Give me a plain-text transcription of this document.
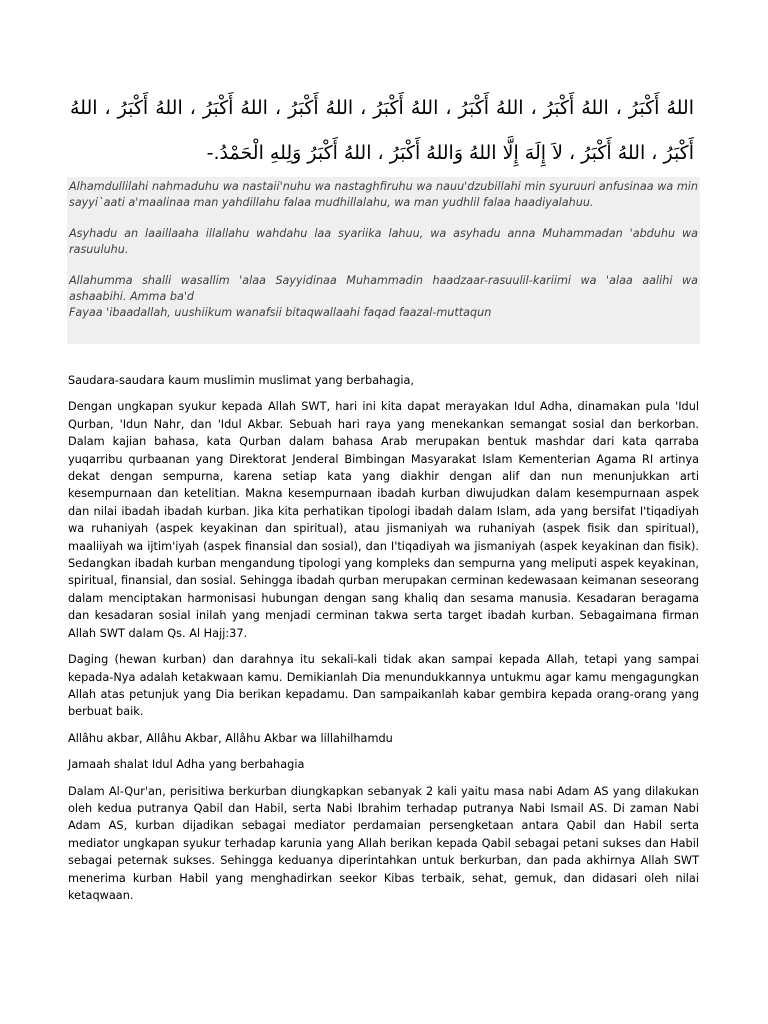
اللهُ أَكْبَرُ ، اللهُ أَكْبَرُ ، اللهُ أَكْبَرُ ، اللهُ أَكْبَرُ ، اللهُ أَكْبَرُ ، اللهُ أَكْبَرُ ، اللهُ أَكْبَرُ ، اللهُ أَكْبَرُ ، اللهُ أَكْبَرُ ، لاَ إِلَهَ إِلَّا اللهُ وَاللهُ أَكْبَرُ ، اللهُ أَكْبَرُ وَلِلهِ الْحَمْدُ.-

Alhamdullilahi nahmaduhu wa nastaii'nuhu wa nastaghfiruhu wa nauu'dzubillahi min syuruuri anfusinaa wa min sayyi`aati a'maalinaa man yahdillahu falaa mudhillalahu, wa man yudhlil falaa haadiyalahuu.

Asyhadu an laaillaaha illallahu wahdahu laa syariika lahuu, wa asyhadu anna Muhammadan 'abduhu wa rasuuluhu.

Allahumma shalli wasallim 'alaa Sayyidinaa Muhammadin haadzaar-rasuulil-kariimi wa 'alaa aalihi wa ashaabihi. Amma ba'd

Fayaa 'ibaadallah, uushiikum wanafsii bitaqwallaahi faqad faazal-muttaqun

Saudara-saudara kaum muslimin muslimat yang berbahagia,

Dengan ungkapan syukur kepada Allah SWT, hari ini kita dapat merayakan Idul Adha, dinamakan pula 'Idul Qurban, 'Idun Nahr, dan 'Idul Akbar. Sebuah hari raya yang menekankan semangat sosial dan berkorban. Dalam kajian bahasa, kata Qurban dalam bahasa Arab merupakan bentuk mashdar dari kata qarraba yuqarribu qurbaanan yang Direktorat Jenderal Bimbingan Masyarakat Islam Kementerian Agama RI artinya dekat dengan sempurna, karena setiap kata yang diakhir dengan alif dan nun menunjukkan arti kesempurnaan dan ketelitian. Makna kesempurnaan ibadah kurban diwujudkan dalam kesempurnaan aspek dan nilai ibadah ibadah kurban. Jika kita perhatikan tipologi ibadah dalam Islam, ada yang bersifat I'tiqadiyah wa ruhaniyah (aspek keyakinan dan spiritual), atau jismaniyah wa ruhaniyah (aspek fisik dan spiritual), maaliiyah wa ijtim'iyah (aspek finansial dan sosial), dan I'tiqadiyah wa jismaniyah (aspek keyakinan dan fisik). Sedangkan ibadah kurban mengandung tipologi yang kompleks dan sempurna yang meliputi aspek keyakinan, spiritual, finansial, dan sosial. Sehingga ibadah qurban merupakan cerminan kedewasaan keimanan seseorang dalam menciptakan harmonisasi hubungan dengan sang khaliq dan sesama manusia. Kesadaran beragama dan kesadaran sosial inilah yang menjadi cerminan takwa serta target ibadah kurban. Sebagaimana firman Allah SWT dalam Qs. Al Hajj:37.

Daging (hewan kurban) dan darahnya itu sekali-kali tidak akan sampai kepada Allah, tetapi yang sampai kepada-Nya adalah ketakwaan kamu. Demikianlah Dia menundukkannya untukmu agar kamu mengagungkan Allah atas petunjuk yang Dia berikan kepadamu. Dan sampaikanlah kabar gembira kepada orang-orang yang berbuat baik.

Allâhu akbar, Allâhu Akbar, Allâhu Akbar wa lillahilhamdu

Jamaah shalat Idul Adha yang berbahagia

Dalam Al-Qur'an, perisitiwa berkurban diungkapkan sebanyak 2 kali yaitu masa nabi Adam AS yang dilakukan oleh kedua putranya Qabil dan Habil, serta Nabi Ibrahim terhadap putranya Nabi Ismail AS. Di zaman Nabi Adam AS, kurban dijadikan sebagai mediator perdamaian persengketaan antara Qabil dan Habil serta mediator ungkapan syukur terhadap karunia yang Allah berikan kepada Qabil sebagai petani sukses dan Habil sebagai peternak sukses. Sehingga keduanya diperintahkan untuk berkurban, dan pada akhirnya Allah SWT menerima kurban Habil yang menghadirkan seekor Kibas terbaik, sehat, gemuk, dan didasari oleh nilai ketaqwaan.
